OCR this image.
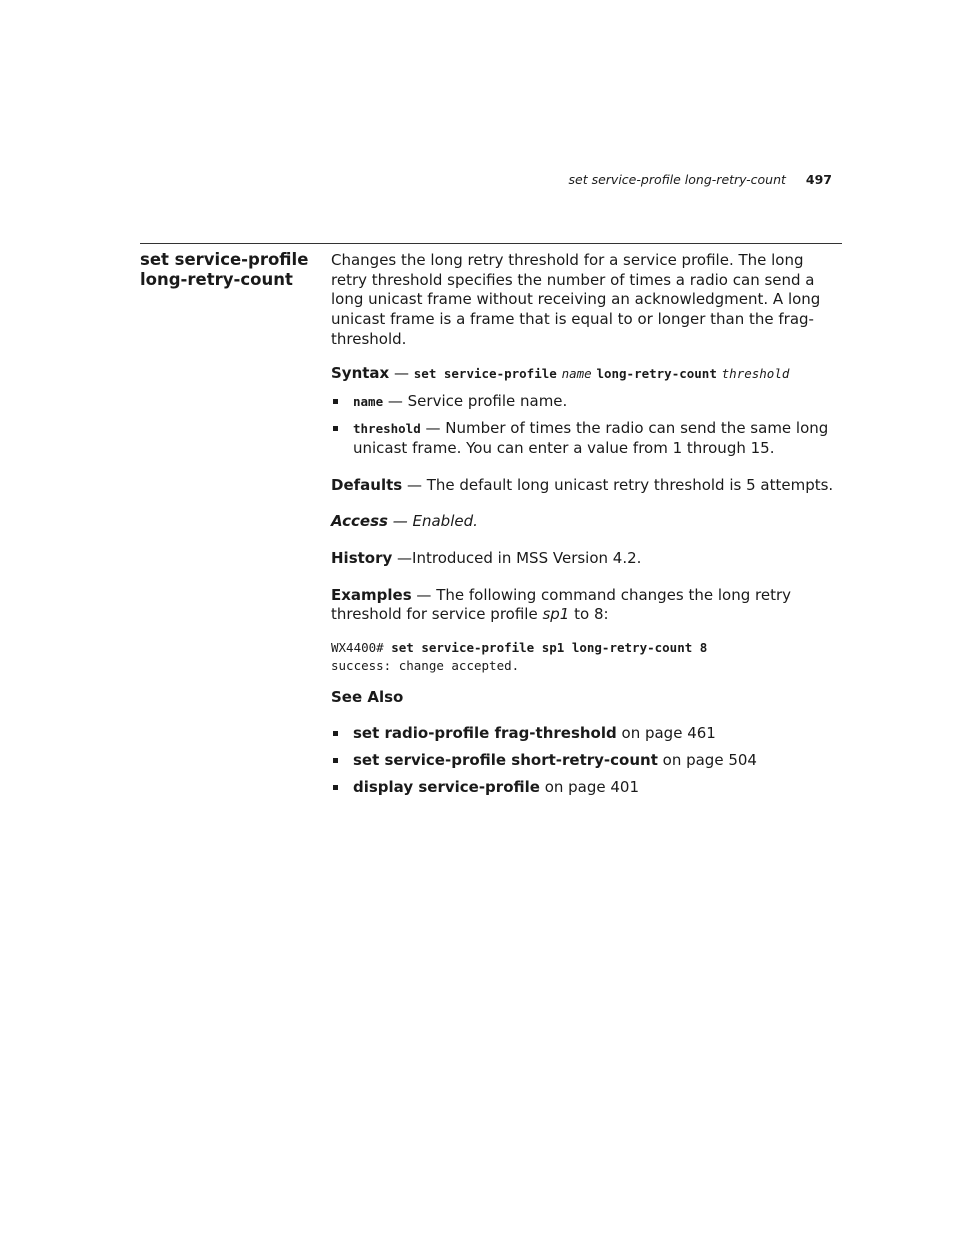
set service-profile long-retry-count 497
set service-profile
long-retry-count

Changes the long retry threshold for a service profile. The long retry threshold specifies the number of times a radio can send a long unicast frame without receiving an acknowledgment. A long unicast frame is a frame that is equal to or longer than the frag-threshold.

Syntax — set service-profile name long-retry-count threshold

name — Service profile name.
threshold — Number of times the radio can send the same long unicast frame. You can enter a value from 1 through 15.

Defaults — The default long unicast retry threshold is 5 attempts.

Access — Enabled.

History —Introduced in MSS Version 4.2.

Examples — The following command changes the long retry threshold for service profile sp1 to 8:

WX4400# set service-profile sp1 long-retry-count 8
success: change accepted.

See Also

set radio-profile frag-threshold on page 461
set service-profile short-retry-count on page 504
display service-profile on page 401
